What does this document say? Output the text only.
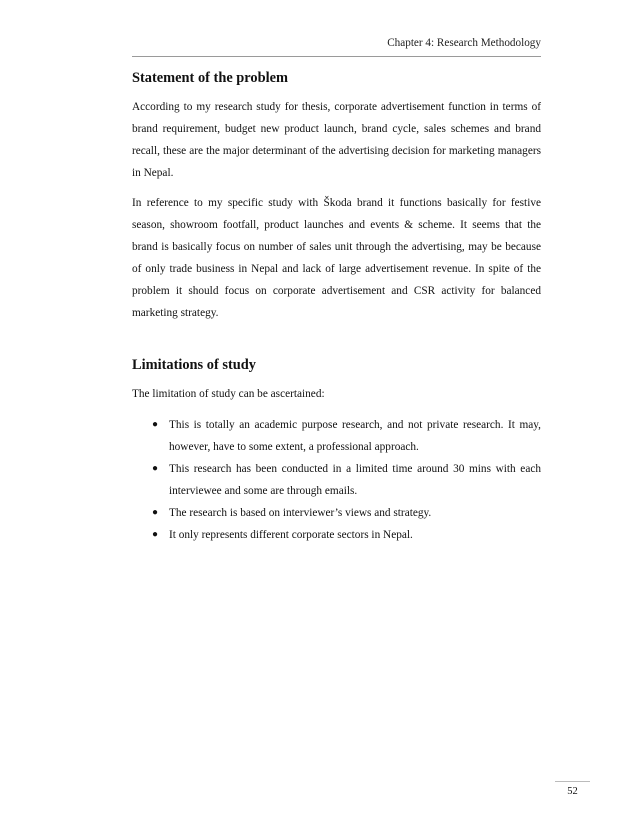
Chapter 4: Research Methodology
Statement of the problem

According to my research study for thesis, corporate advertisement function in terms of brand requirement, budget new product launch, brand cycle, sales schemes and brand recall, these are the major determinant of the advertising decision for marketing managers in Nepal.

In reference to my specific study with Škoda brand it functions basically for festive season, showroom footfall, product launches and events & scheme. It seems that the brand is basically focus on number of sales unit through the advertising, may be because of only trade business in Nepal and lack of large advertisement revenue. In spite of the problem it should focus on corporate advertisement and CSR activity for balanced marketing strategy.

Limitations of study

The limitation of study can be ascertained:

● This is totally an academic purpose research, and not private research. It may, however, have to some extent, a professional approach.
● This research has been conducted in a limited time around 30 mins with each interviewee and some are through emails.
● The research is based on interviewer’s views and strategy.
● It only represents different corporate sectors in Nepal.
52
